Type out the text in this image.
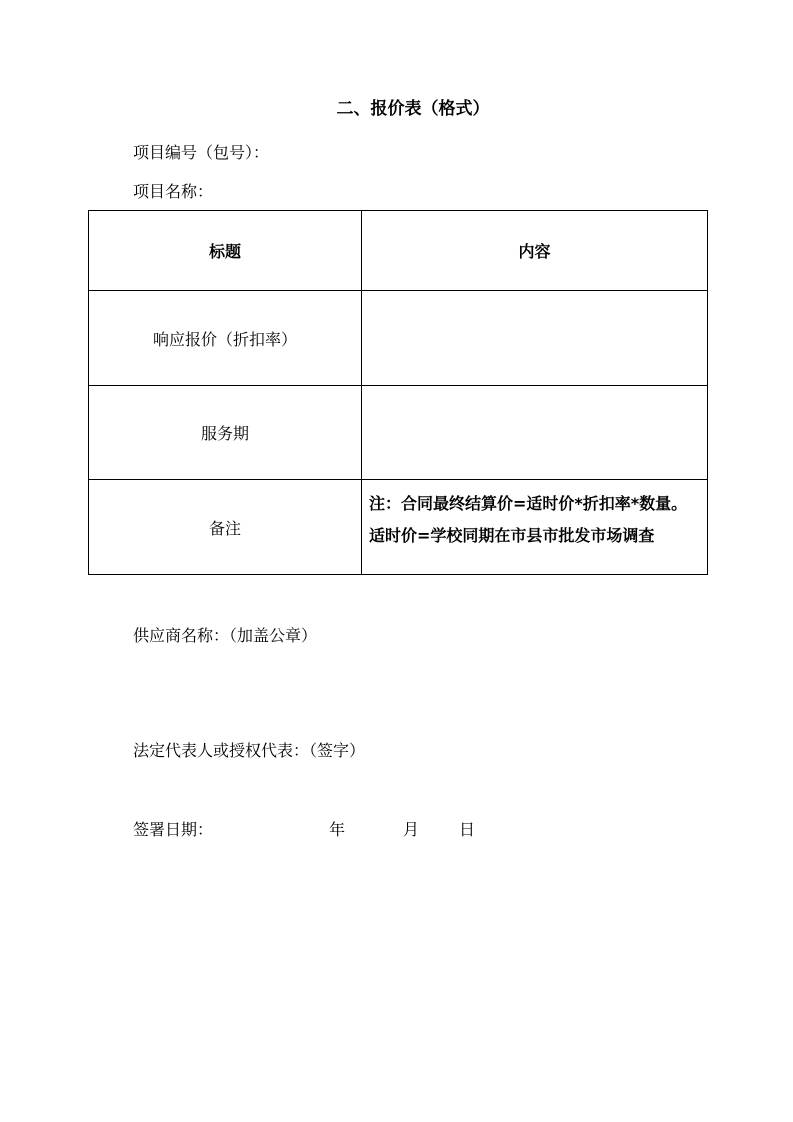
二、报价表（格式）
项目编号（包号）：
项目名称：
标题	内容
响应报价（折扣率）	
服务期	
备注	注：合同最终结算价=适时价*折扣率*数量。
适时价=学校同期在市县市批发市场调查
供应商名称：（加盖公章）
法定代表人或授权代表：（签字）
签署日期：	年	月 日
